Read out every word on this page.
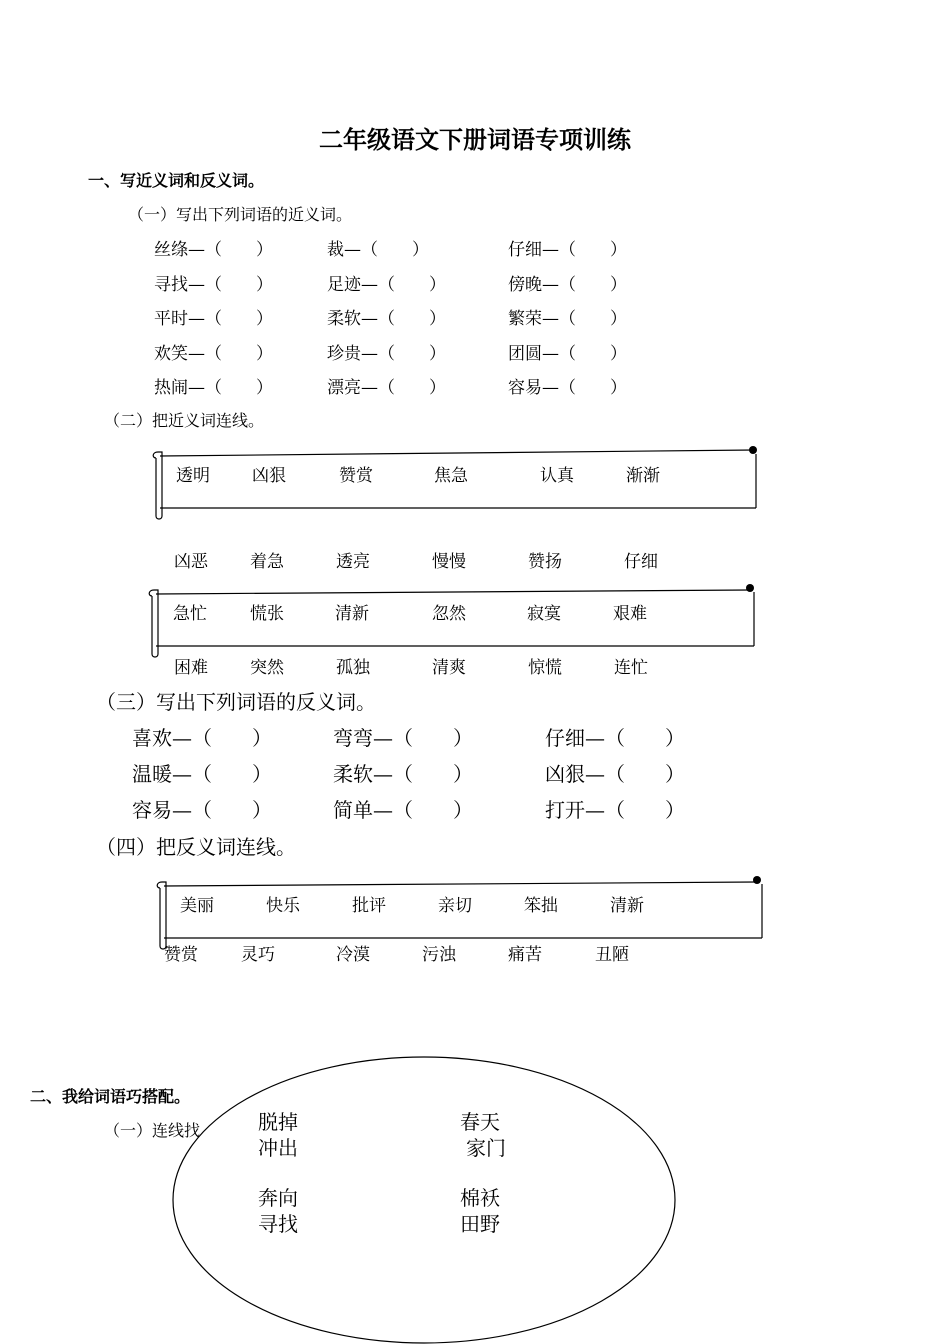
二年级语文下册词语专项训练
一、写近义词和反义词。
（一）写出下列词语的近义词。
丝绦—（　　）	裁—（　　）	仔细—（　　）
寻找—（　　）	足迹—（　　）	傍晚—（　　）
平时—（　　）	柔软—（　　）	繁荣—（　　）
欢笑—（　　）	珍贵—（　　）	团圆—（　　）
热闹—（　　）	漂亮—（　　）	容易—（　　）
（二）把近义词连线。
透明 凶狠	赞赏	焦急	认真	渐渐
凶恶 着急	透亮	慢慢	赞扬	仔细
急忙	慌张	清新	忽然	寂寞	艰难
困难 突然	孤独	清爽	惊慌	连忙
（三）写出下列词语的反义词。
喜欢—（　　）	弯弯—（　　）	仔细—（　　）
温暖—（　　）	柔软—（　　）	凶狠—（　　）
容易—（　　）	简单—（　　）	打开—（　　）
（四）把反义词连线。
美丽	快乐	批评	亲切	笨拙	清新
赞赏	灵巧	冷漠	污浊	痛苦	丑陋
二、我给词语巧搭配。
（一）连线找	脱掉
冲出
奔向
寻找
春天
家门
棉袄
田野
